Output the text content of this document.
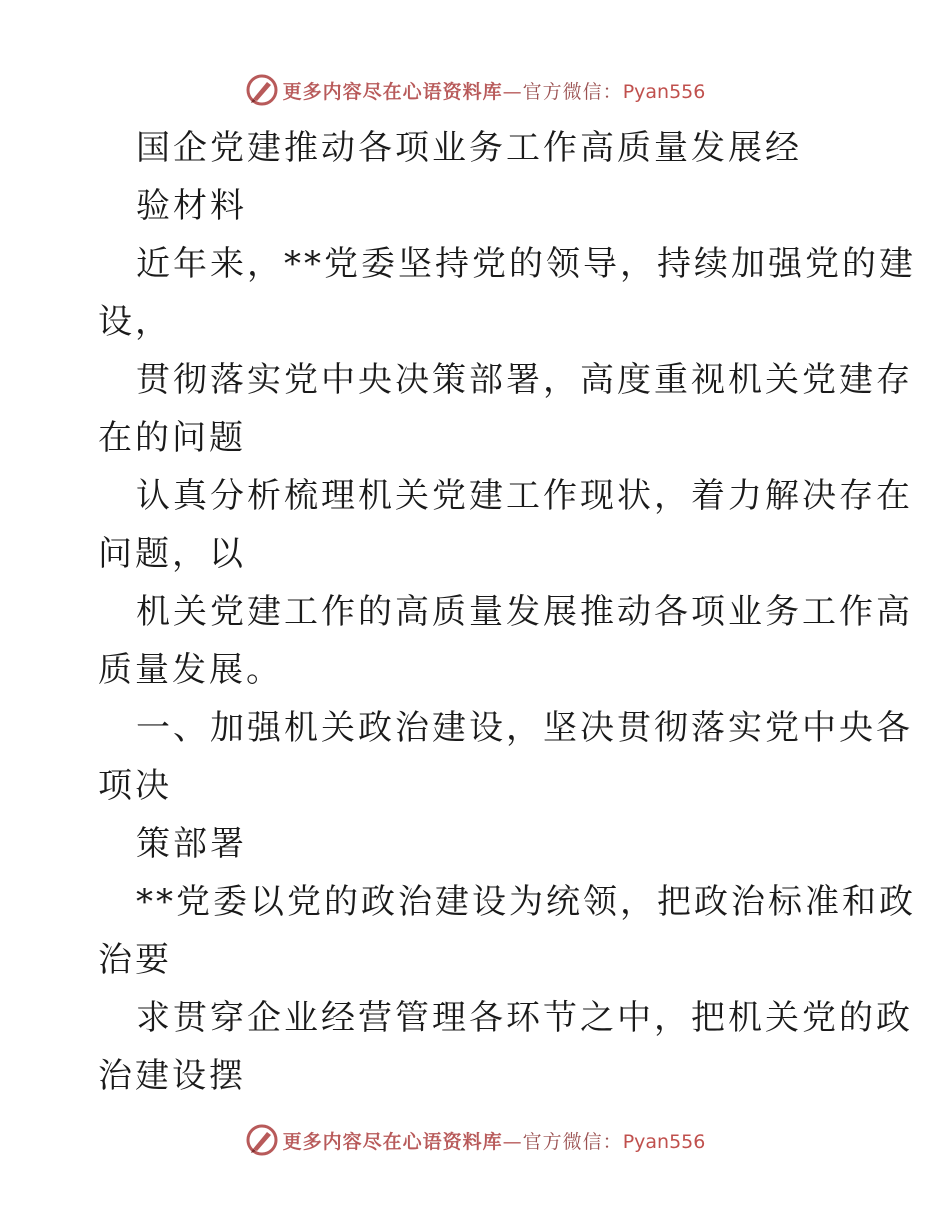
更多内容尽在心语资料库—官方微信：Pyan556
国企党建推动各项业务工作高质量发展经
验材料
近年来，**党委坚持党的领导，持续加强党的建
设，
贯彻落实党中央决策部署，高度重视机关党建存
在的问题
认真分析梳理机关党建工作现状，着力解决存在
问题，以
机关党建工作的高质量发展推动各项业务工作高
质量发展。
一、加强机关政治建设，坚决贯彻落实党中央各
项决
策部署
**党委以党的政治建设为统领，把政治标准和政
治要
求贯穿企业经营管理各环节之中，把机关党的政
治建设摆
更多内容尽在心语资料库—官方微信：Pyan556
